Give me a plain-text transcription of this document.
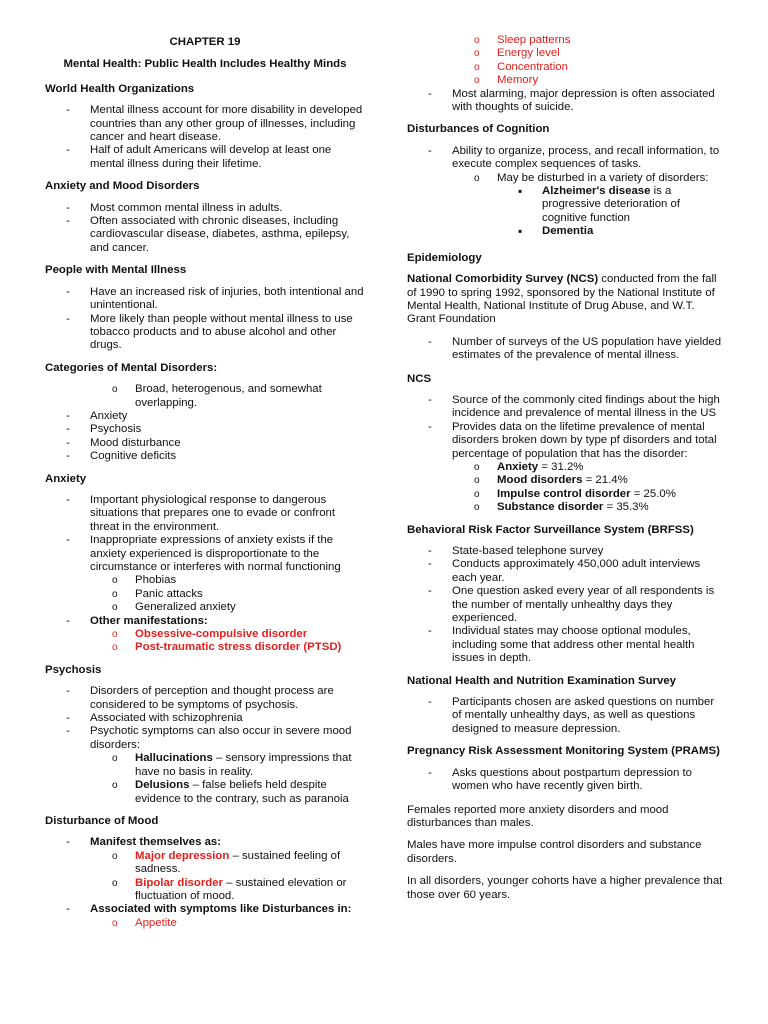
CHAPTER 19
Mental Health: Public Health Includes Healthy Minds
World Health Organizations
- Mental illness account for more disability in developed countries than any other group of illnesses, including cancer and heart disease.
- Half of adult Americans will develop at least one mental illness during their lifetime.
Anxiety and Mood Disorders
- Most common mental illness in adults.
- Often associated with chronic diseases, including cardiovascular disease, diabetes, asthma, epilepsy, and cancer.
People with Mental Illness
- Have an increased risk of injuries, both intentional and unintentional.
- More likely than people without mental illness to use tobacco products and to abuse alcohol and other drugs.
Categories of Mental Disorders:
o Broad, heterogenous, and somewhat overlapping.
- Anxiety
- Psychosis
- Mood disturbance
- Cognitive deficits
Anxiety
- Important physiological response to dangerous situations that prepares one to evade or confront threat in the environment.
- Inappropriate expressions of anxiety exists if the anxiety experienced is disproportionate to the circumstance or interferes with normal functioning
o Phobias
o Panic attacks
o Generalized anxiety
- Other manifestations:
o Obsessive-compulsive disorder
o Post-traumatic stress disorder (PTSD)
Psychosis
- Disorders of perception and thought process are considered to be symptoms of psychosis.
- Associated with schizophrenia
- Psychotic symptoms can also occur in severe mood disorders:
o Hallucinations – sensory impressions that have no basis in reality.
o Delusions – false beliefs held despite evidence to the contrary, such as paranoia
Disturbance of Mood
- Manifest themselves as:
o Major depression – sustained feeling of sadness.
o Bipolar disorder – sustained elevation or fluctuation of mood.
- Associated with symptoms like Disturbances in:
o Appetite
o Sleep patterns
o Energy level
o Concentration
o Memory
- Most alarming, major depression is often associated with thoughts of suicide.
Disturbances of Cognition
- Ability to organize, process, and recall information, to execute complex sequences of tasks.
o May be disturbed in a variety of disorders:
▪ Alzheimer's disease is a progressive deterioration of cognitive function
▪ Dementia
Epidemiology

National Comorbidity Survey (NCS) conducted from the fall of 1990 to spring 1992, sponsored by the National Institute of Mental Health, National Institute of Drug Abuse, and W.T. Grant Foundation

- Number of surveys of the US population have yielded estimates of the prevalence of mental illness.
NCS
- Source of the commonly cited findings about the high incidence and prevalence of mental illness in the US
- Provides data on the lifetime prevalence of mental disorders broken down by type pf disorders and total percentage of population that has the disorder:
o Anxiety = 31.2%
o Mood disorders = 21.4%
o Impulse control disorder = 25.0%
o Substance disorder = 35.3%
Behavioral Risk Factor Surveillance System (BRFSS)
- State-based telephone survey
- Conducts approximately 450,000 adult interviews each year.
- One question asked every year of all respondents is the number of mentally unhealthy days they experienced.
- Individual states may choose optional modules, including some that address other mental health issues in depth.
National Health and Nutrition Examination Survey
- Participants chosen are asked questions on number of mentally unhealthy days, as well as questions designed to measure depression.
Pregnancy Risk Assessment Monitoring System (PRAMS)
- Asks questions about postpartum depression to women who have recently given birth.

Females reported more anxiety disorders and mood disturbances than males.

Males have more impulse control disorders and substance disorders.

In all disorders, younger cohorts have a higher prevalence that those over 60 years.
